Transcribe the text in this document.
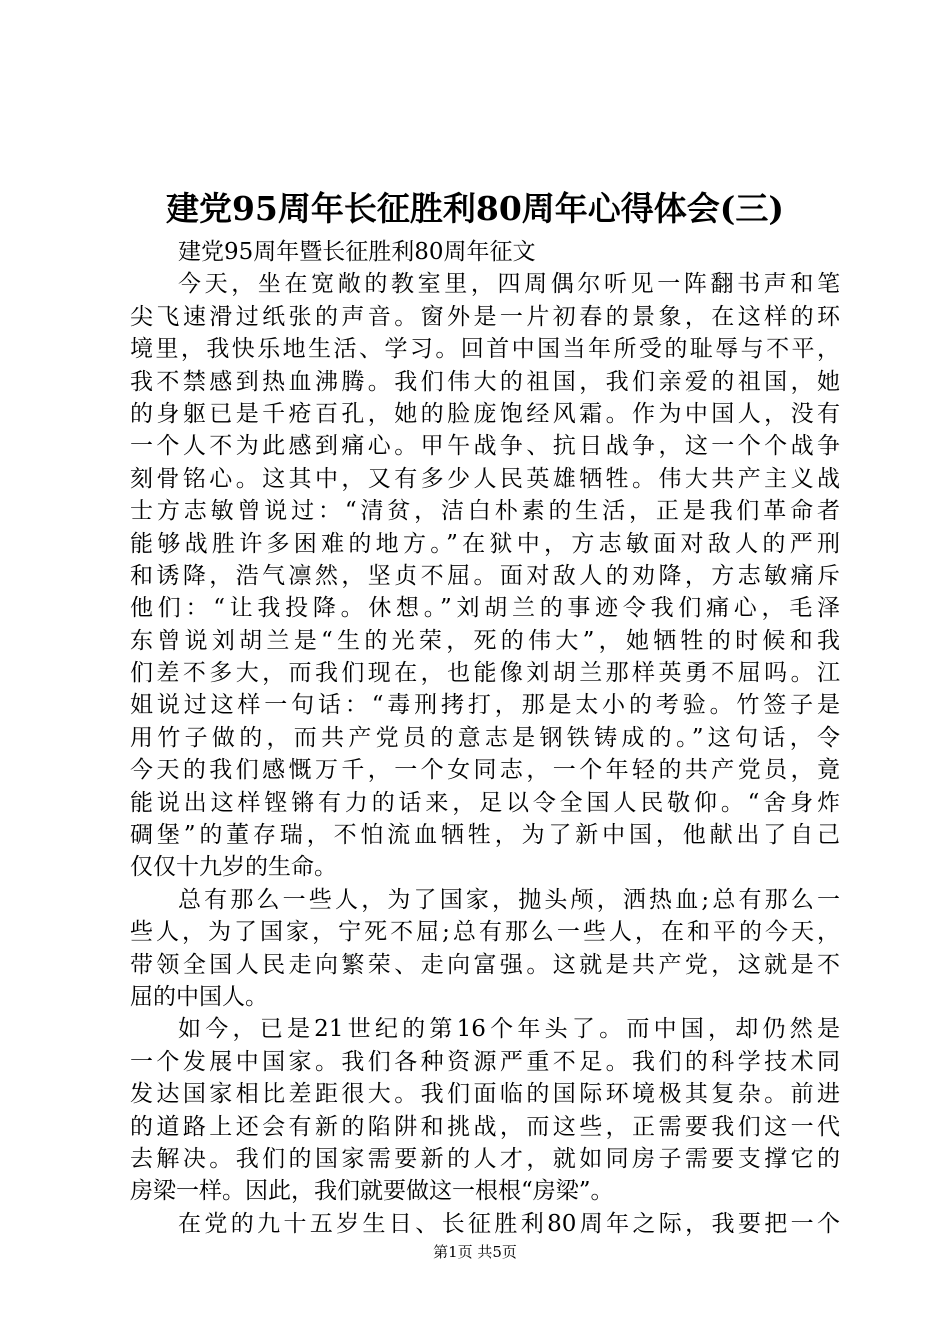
建党95周年长征胜利80周年心得体会(三)
建党95周年暨长征胜利80周年征文
今天，坐在宽敞的教室里，四周偶尔听见一阵翻书声和笔
尖飞速滑过纸张的声音。窗外是一片初春的景象，在这样的环
境里，我快乐地生活、学习。回首中国当年所受的耻辱与不平，
我不禁感到热血沸腾。我们伟大的祖国，我们亲爱的祖国，她
的身躯已是千疮百孔，她的脸庞饱经风霜。作为中国人，没有
一个人不为此感到痛心。甲午战争、抗日战争，这一个个战争
刻骨铭心。这其中，又有多少人民英雄牺牲。伟大共产主义战
士方志敏曾说过：“清贫，洁白朴素的生活，正是我们革命者
能够战胜许多困难的地方。”在狱中，方志敏面对敌人的严刑
和诱降，浩气凛然，坚贞不屈。面对敌人的劝降，方志敏痛斥
他们：“让我投降。休想。”刘胡兰的事迹令我们痛心，毛泽
东曾说刘胡兰是“生的光荣，死的伟大”，她牺牲的时候和我
们差不多大，而我们现在，也能像刘胡兰那样英勇不屈吗。江
姐说过这样一句话：“毒刑拷打，那是太小的考验。竹签子是
用竹子做的，而共产党员的意志是钢铁铸成的。”这句话，令
今天的我们感慨万千，一个女同志，一个年轻的共产党员，竟
能说出这样铿锵有力的话来，足以令全国人民敬仰。“舍身炸
碉堡”的董存瑞，不怕流血牺牲，为了新中国，他献出了自己
仅仅十九岁的生命。
总有那么一些人，为了国家，抛头颅，洒热血;总有那么一
些人，为了国家，宁死不屈;总有那么一些人，在和平的今天，
带领全国人民走向繁荣、走向富强。这就是共产党，这就是不
屈的中国人。
如今，已是21世纪的第16个年头了。而中国，却仍然是
一个发展中国家。我们各种资源严重不足。我们的科学技术同
发达国家相比差距很大。我们面临的国际环境极其复杂。前进
的道路上还会有新的陷阱和挑战，而这些，正需要我们这一代
去解决。我们的国家需要新的人才，就如同房子需要支撑它的
房梁一样。因此，我们就要做这一根根“房梁”。
在党的九十五岁生日、长征胜利80周年之际，我要把一个
第1页 共5页
